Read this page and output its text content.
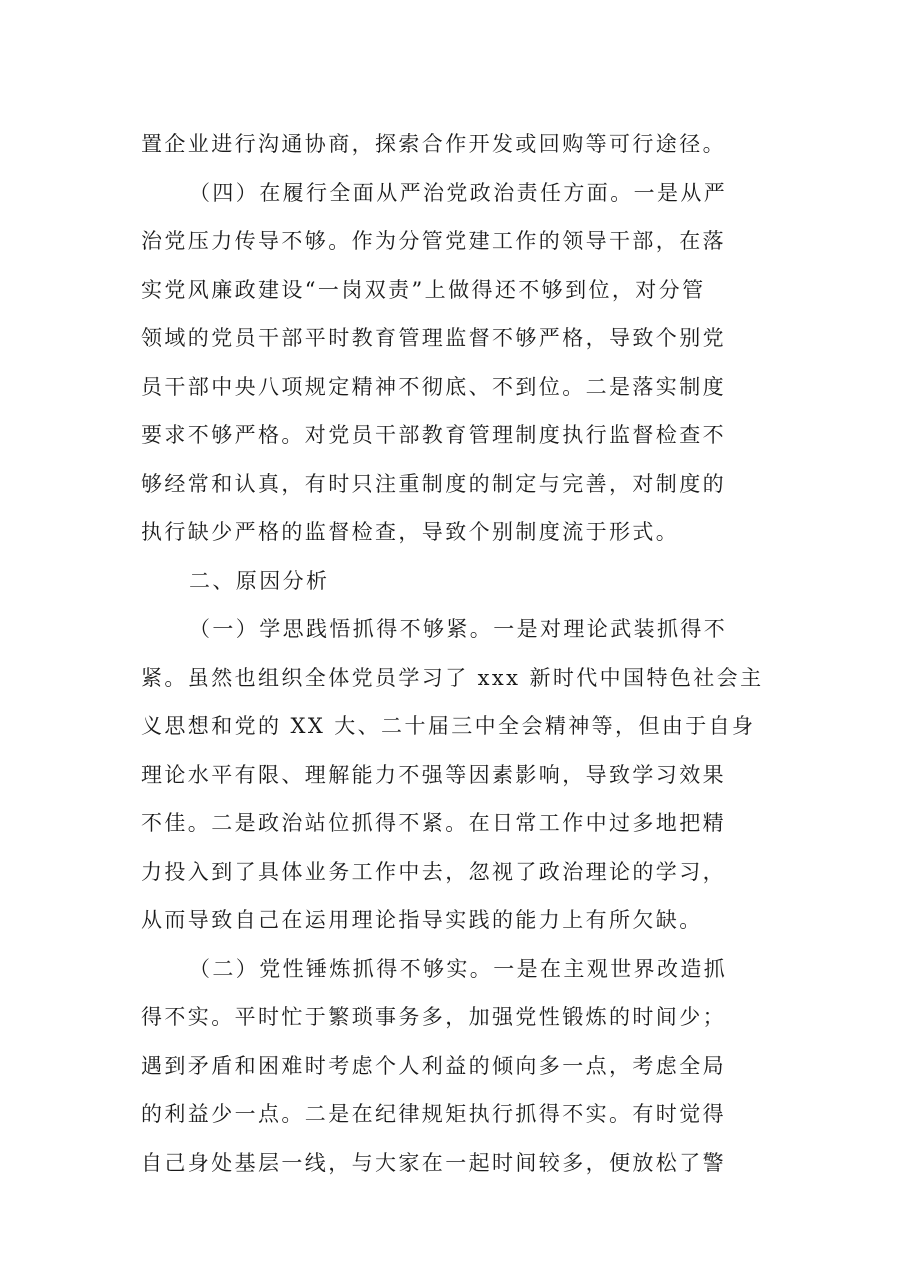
置企业进行沟通协商，探索合作开发或回购等可行途径。
（四）在履行全面从严治党政治责任方面。一是从严
治党压力传导不够。作为分管党建工作的领导干部，在落
实党风廉政建设“一岗双责”上做得还不够到位，对分管
领域的党员干部平时教育管理监督不够严格，导致个别党
员干部中央八项规定精神不彻底、不到位。二是落实制度
要求不够严格。对党员干部教育管理制度执行监督检查不
够经常和认真，有时只注重制度的制定与完善，对制度的
执行缺少严格的监督检查，导致个别制度流于形式。
二、原因分析
（一）学思践悟抓得不够紧。一是对理论武装抓得不
紧。虽然也组织全体党员学习了 xxx 新时代中国特色社会主
义思想和党的 XX 大、二十届三中全会精神等，但由于自身
理论水平有限、理解能力不强等因素影响，导致学习效果
不佳。二是政治站位抓得不紧。在日常工作中过多地把精
力投入到了具体业务工作中去，忽视了政治理论的学习，
从而导致自己在运用理论指导实践的能力上有所欠缺。
（二）党性锤炼抓得不够实。一是在主观世界改造抓
得不实。平时忙于繁琐事务多，加强党性锻炼的时间少；
遇到矛盾和困难时考虑个人利益的倾向多一点，考虑全局
的利益少一点。二是在纪律规矩执行抓得不实。有时觉得
自己身处基层一线，与大家在一起时间较多，便放松了警
